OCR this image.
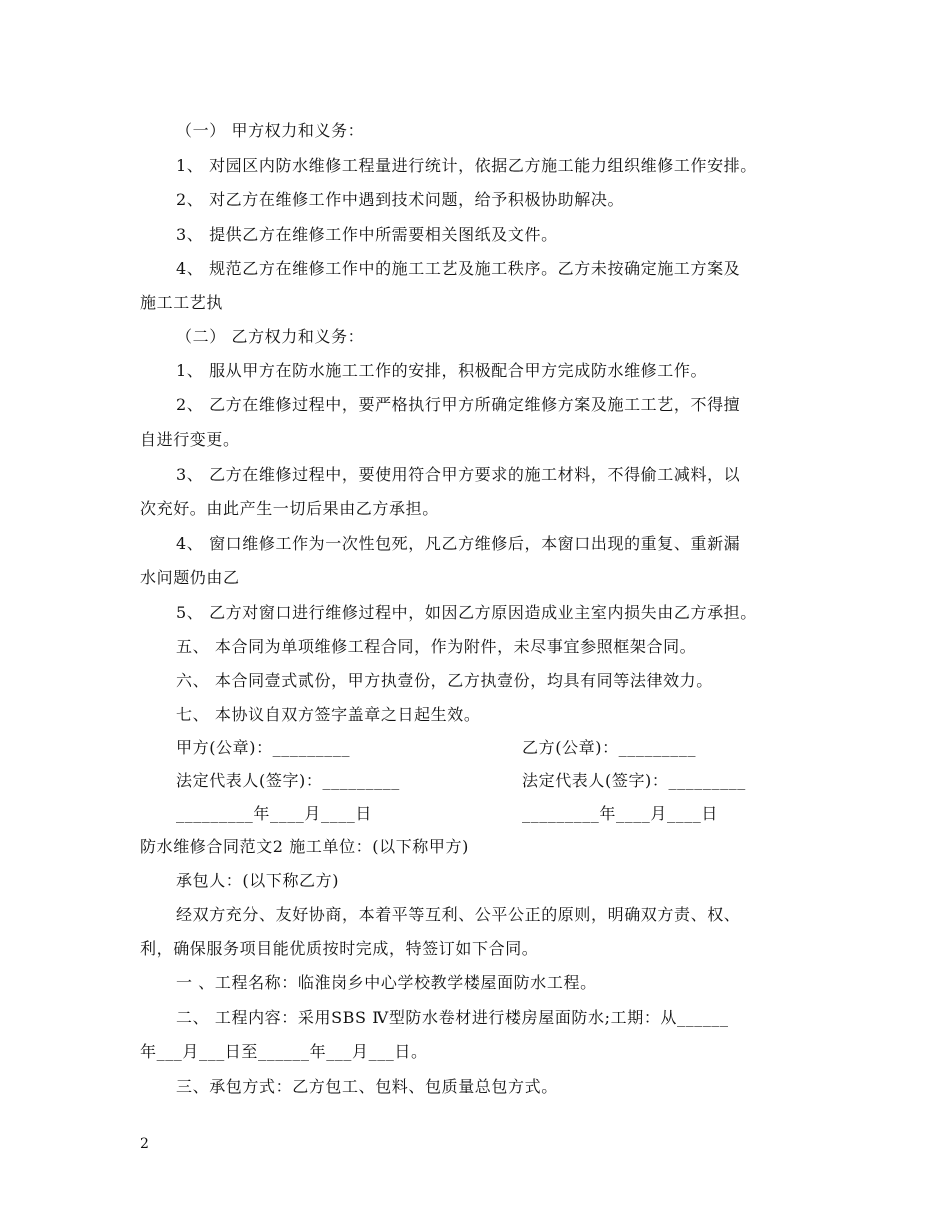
（一） 甲方权力和义务：
1、 对园区内防水维修工程量进行统计，依据乙方施工能力组织维修工作安排。
2、 对乙方在维修工作中遇到技术问题，给予积极协助解决。
3、 提供乙方在维修工作中所需要相关图纸及文件。
4、 规范乙方在维修工作中的施工工艺及施工秩序。乙方未按确定施工方案及
施工工艺执
（二） 乙方权力和义务：
1、 服从甲方在防水施工工作的安排，积极配合甲方完成防水维修工作。
2、 乙方在维修过程中，要严格执行甲方所确定维修方案及施工工艺，不得擅
自进行变更。
3、 乙方在维修过程中，要使用符合甲方要求的施工材料，不得偷工减料，以
次充好。由此产生一切后果由乙方承担。
4、 窗口维修工作为一次性包死，凡乙方维修后，本窗口出现的重复、重新漏
水问题仍由乙
5、 乙方对窗口进行维修过程中，如因乙方原因造成业主室内损失由乙方承担。
五、 本合同为单项维修工程合同，作为附件，未尽事宜参照框架合同。
六、 本合同壹式贰份，甲方执壹份，乙方执壹份，均具有同等法律效力。
七、 本协议自双方签字盖章之日起生效。
甲方(公章)：_________	乙方(公章)：_________
法定代表人(签字)：_________	法定代表人(签字)：_________
_________年____月____日	_________年____月____日
防水维修合同范文2 施工单位：(以下称甲方)
承包人：(以下称乙方)
经双方充分、友好协商，本着平等互利、公平公正的原则，明确双方责、权、
利，确保服务项目能优质按时完成，特签订如下合同。
一 、工程名称：临淮岗乡中心学校教学楼屋面防水工程。
二、 工程内容：采用SBS Ⅳ型防水卷材进行楼房屋面防水;工期：从______
年___月___日至______年___月___日。
三、承包方式：乙方包工、包料、包质量总包方式。
2
